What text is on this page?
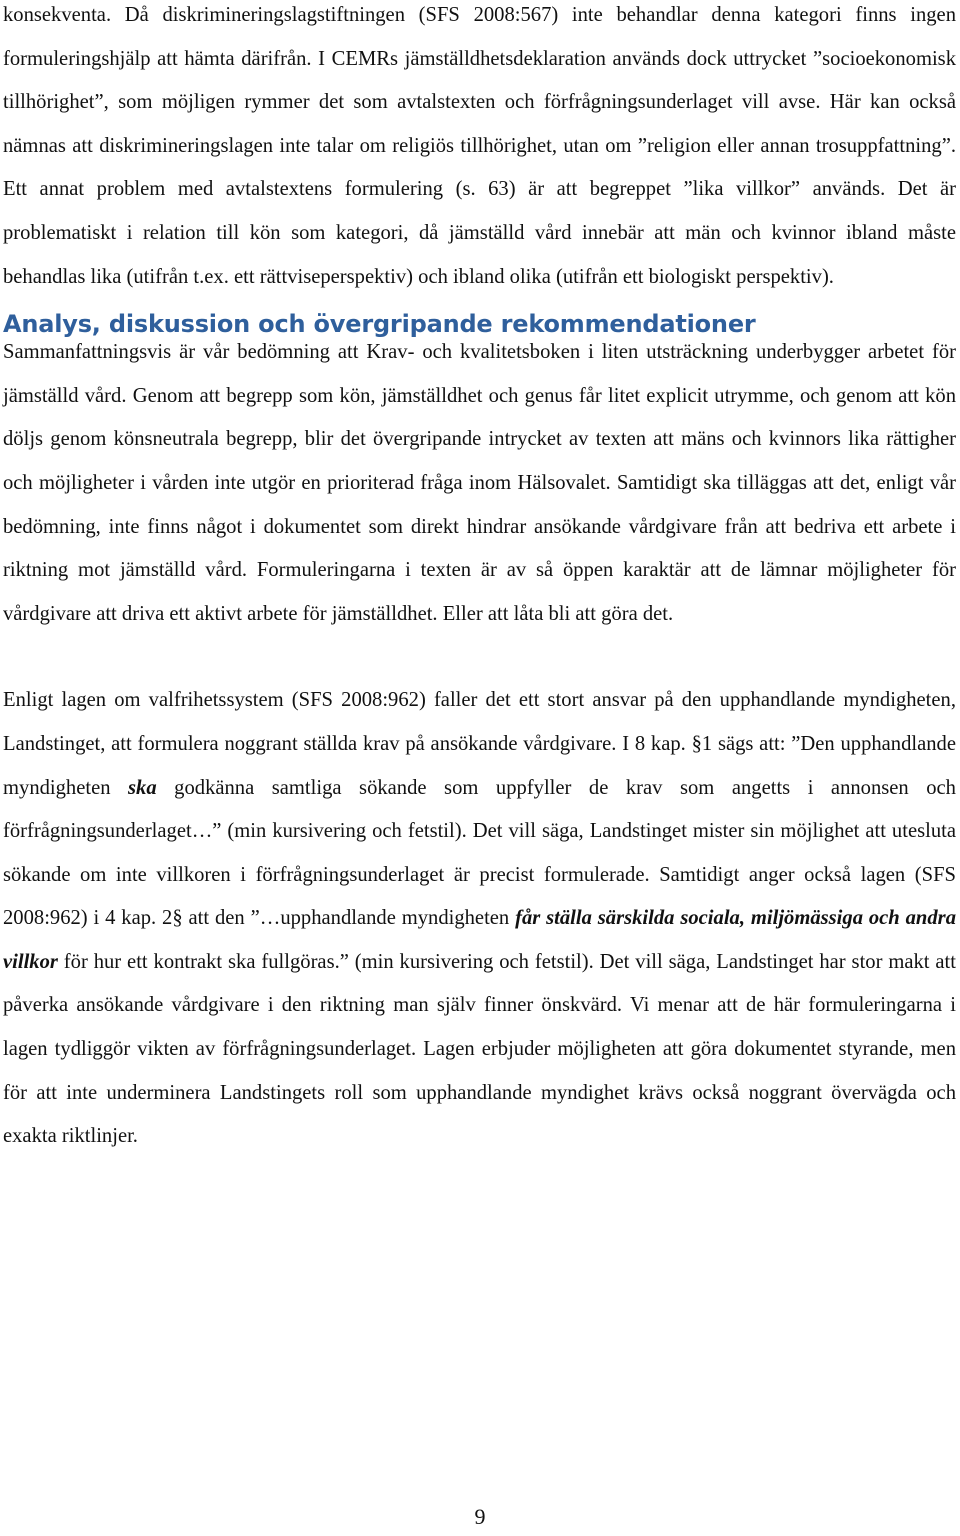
konsekventa. Då diskrimineringslagstiftningen (SFS 2008:567) inte behandlar denna kategori finns ingen formuleringshjälp att hämta därifrån. I CEMRs jämställdhetsdeklaration används dock uttrycket ”socioekonomisk tillhörighet”, som möjligen rymmer det som avtalstexten och förfrågningsunderlaget vill avse. Här kan också nämnas att diskrimineringslagen inte talar om religiös tillhörighet, utan om ”religion eller annan trosuppfattning”. Ett annat problem med avtalstextens formulering (s. 63) är att begreppet ”lika villkor” används. Det är problematiskt i relation till kön som kategori, då jämställd vård innebär att män och kvinnor ibland måste behandlas lika (utifrån t.ex. ett rättviseperspektiv) och ibland olika (utifrån ett biologiskt perspektiv).

Analys, diskussion och övergripande rekommendationer

Sammanfattningsvis är vår bedömning att Krav- och kvalitetsboken i liten utsträckning underbygger arbetet för jämställd vård. Genom att begrepp som kön, jämställdhet och genus får litet explicit utrymme, och genom att kön döljs genom könsneutrala begrepp, blir det övergripande intrycket av texten att mäns och kvinnors lika rättigher och möjligheter i vården inte utgör en prioriterad fråga inom Hälsovalet. Samtidigt ska tilläggas att det, enligt vår bedömning, inte finns något i dokumentet som direkt hindrar ansökande vårdgivare från att bedriva ett arbete i riktning mot jämställd vård. Formuleringarna i texten är av så öppen karaktär att de lämnar möjligheter för vårdgivare att driva ett aktivt arbete för jämställdhet. Eller att låta bli att göra det.

Enligt lagen om valfrihetssystem (SFS 2008:962) faller det ett stort ansvar på den upphandlande myndigheten, Landstinget, att formulera noggrant ställda krav på ansökande vårdgivare. I 8 kap. §1 sägs att: ”Den upphandlande myndigheten ska godkänna samtliga sökande som uppfyller de krav som angetts i annonsen och förfrågningsunderlaget…” (min kursivering och fetstil). Det vill säga, Landstinget mister sin möjlighet att utesluta sökande om inte villkoren i förfrågningsunderlaget är precist formulerade. Samtidigt anger också lagen (SFS 2008:962) i 4 kap. 2§ att den ”…upphandlande myndigheten får ställa särskilda sociala, miljömässiga och andra villkor för hur ett kontrakt ska fullgöras.” (min kursivering och fetstil). Det vill säga, Landstinget har stor makt att påverka ansökande vårdgivare i den riktning man själv finner önskvärd. Vi menar att de här formuleringarna i lagen tydliggör vikten av förfrågningsunderlaget. Lagen erbjuder möjligheten att göra dokumentet styrande, men för att inte underminera Landstingets roll som upphandlande myndighet krävs också noggrant övervägda och exakta riktlinjer.

9
